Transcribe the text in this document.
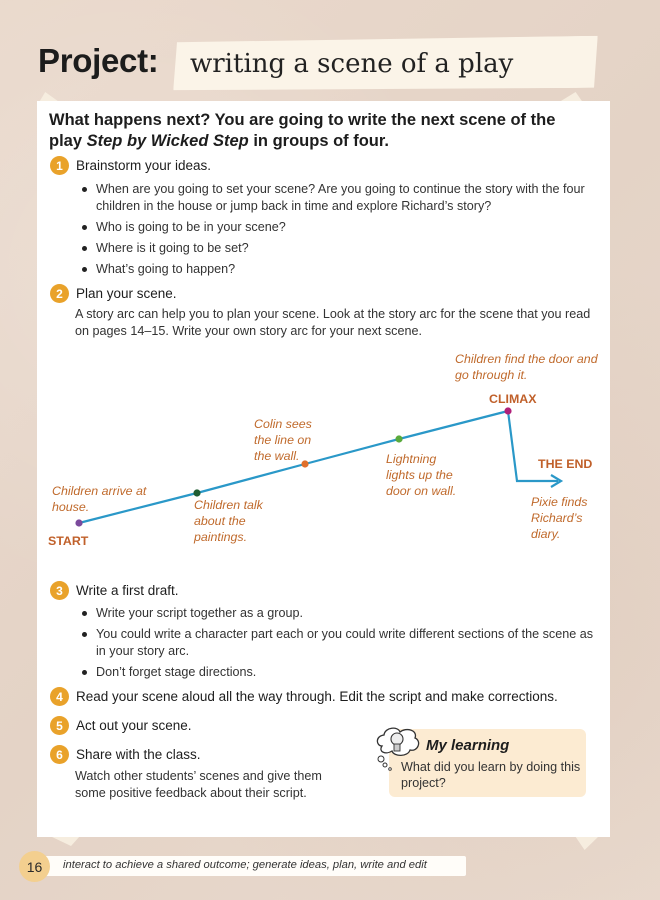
Project: writing a scene of a play
What happens next? You are going to write the next scene of the
play Step by Wicked Step in groups of four.
1 Brainstorm your ideas.
When are you going to set your scene? Are you going to continue the story with the four children in the house or jump back in time and explore Richard’s story?
Who is going to be in your scene?
Where is it going to be set?
What’s going to happen?
2 Plan your scene.
A story arc can help you to plan your scene. Look at the story arc for the scene that you read on pages 14–15. Write your own story arc for your next scene.
Children arrive at house.
START
Children talk about the paintings.
Colin sees the line on the wall.	Lightning lights up the door on wall.
Children find the door and go through it.
CLIMAX
THE END
Pixie finds Richard’s diary.
3 Write a first draft.
Write your script together as a group.
You could write a character part each or you could write different sections of the scene as in your story arc.
Don’t forget stage directions.
4 Read your scene aloud all the way through. Edit the script and make corrections.
5 Act out your scene.
6 Share with the class.
Watch other students’ scenes and give them some positive feedback about their script.
My learning
What did you learn by doing this project?
16	interact to achieve a shared outcome; generate ideas, plan, write and edit
